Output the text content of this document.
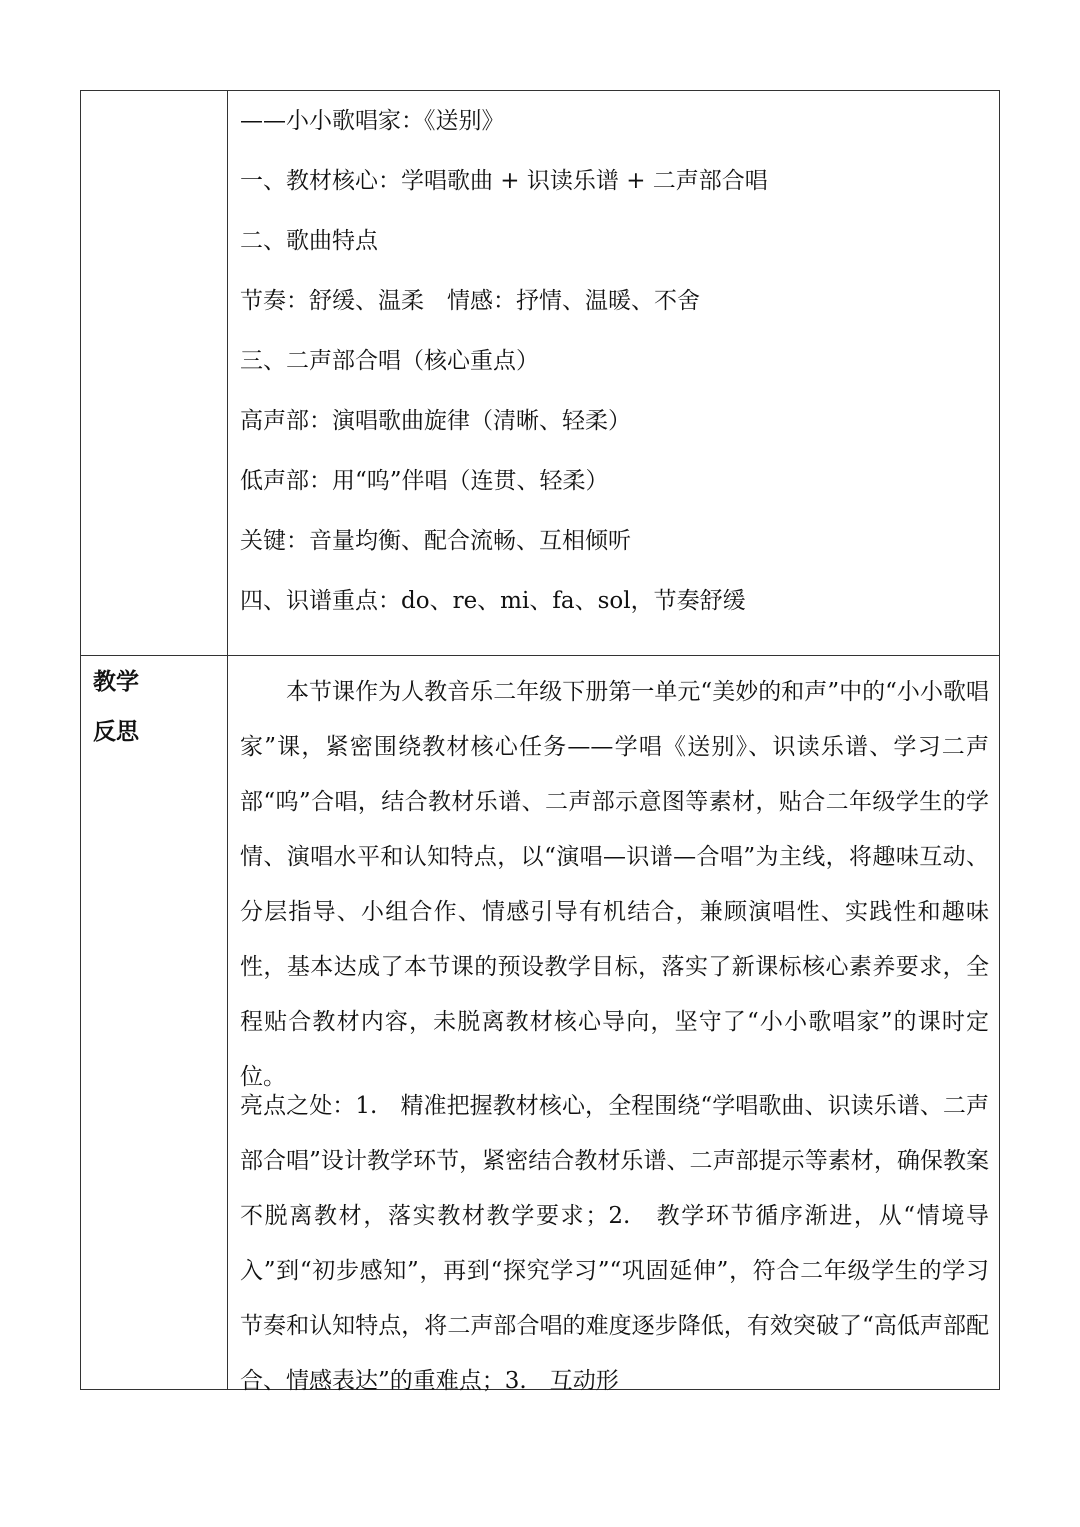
——小小歌唱家：《送别》
一、教材核心：学唱歌曲 + 识读乐谱 + 二声部合唱
二、歌曲特点
节奏：舒缓、温柔　情感：抒情、温暖、不舍
三、二声部合唱（核心重点）
高声部：演唱歌曲旋律（清晰、轻柔）
低声部：用“呜”伴唱（连贯、轻柔）
关键：音量均衡、配合流畅、互相倾听
四、识谱重点：do、re、mi、fa、sol，节奏舒缓
教学
反思
本节课作为人教音乐二年级下册第一单元“美妙的和声”中的“小小歌唱家”课，紧密围绕教材核心任务——学唱《送别》、识读乐谱、学习二声部“呜”合唱，结合教材乐谱、二声部示意图等素材，贴合二年级学生的学情、演唱水平和认知特点，以“演唱—识谱—合唱”为主线，将趣味互动、分层指导、小组合作、情感引导有机结合，兼顾演唱性、实践性和趣味性，基本达成了本节课的预设教学目标，落实了新课标核心素养要求，全程贴合教材内容，未脱离教材核心导向，坚守了“小小歌唱家”的课时定位。
亮点之处：1.　精准把握教材核心，全程围绕“学唱歌曲、识读乐谱、二声部合唱”设计教学环节，紧密结合教材乐谱、二声部提示等素材，确保教案不脱离教材，落实教材教学要求；2.　教学环节循序渐进，从“情境导入”到“初步感知”，再到“探究学习”“巩固延伸”，符合二年级学生的学习节奏和认知特点，将二声部合唱的难度逐步降低，有效突破了“高低声部配合、情感表达”的重难点；3.　互动形
